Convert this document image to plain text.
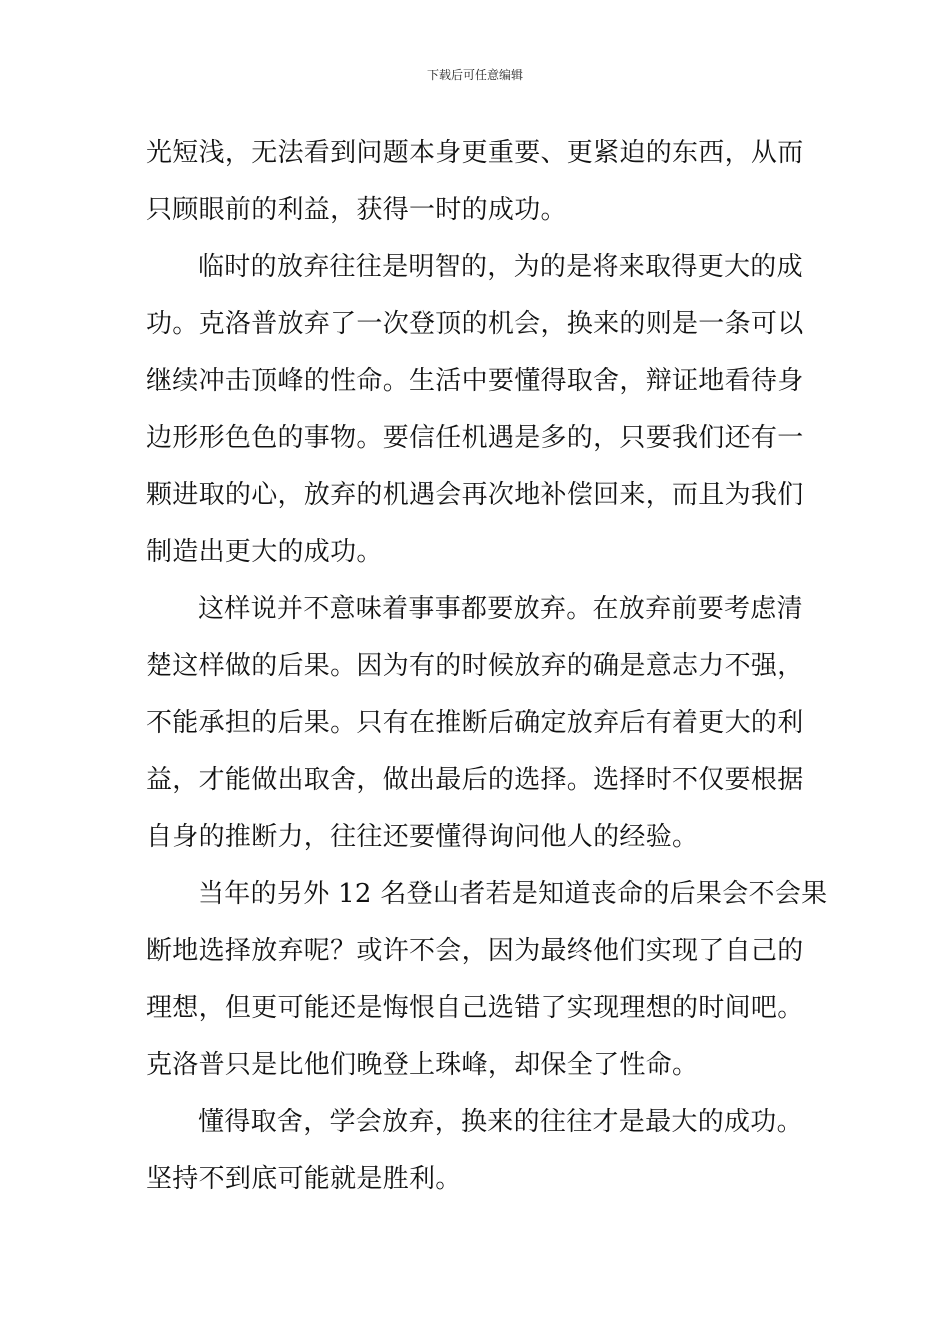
下载后可任意编辑
光短浅，无法看到问题本身更重要、更紧迫的东西，从而
只顾眼前的利益，获得一时的成功。
临时的放弃往往是明智的，为的是将来取得更大的成
功。克洛普放弃了一次登顶的机会，换来的则是一条可以
继续冲击顶峰的性命。生活中要懂得取舍，辩证地看待身
边形形色色的事物。要信任机遇是多的，只要我们还有一
颗进取的心，放弃的机遇会再次地补偿回来，而且为我们
制造出更大的成功。
这样说并不意味着事事都要放弃。在放弃前要考虑清
楚这样做的后果。因为有的时候放弃的确是意志力不强，
不能承担的后果。只有在推断后确定放弃后有着更大的利
益，才能做出取舍，做出最后的选择。选择时不仅要根据
自身的推断力，往往还要懂得询问他人的经验。
当年的另外 12 名登山者若是知道丧命的后果会不会果
断地选择放弃呢？或许不会，因为最终他们实现了自己的
理想，但更可能还是悔恨自己选错了实现理想的时间吧。
克洛普只是比他们晚登上珠峰，却保全了性命。
懂得取舍，学会放弃，换来的往往才是最大的成功。
坚持不到底可能就是胜利。
